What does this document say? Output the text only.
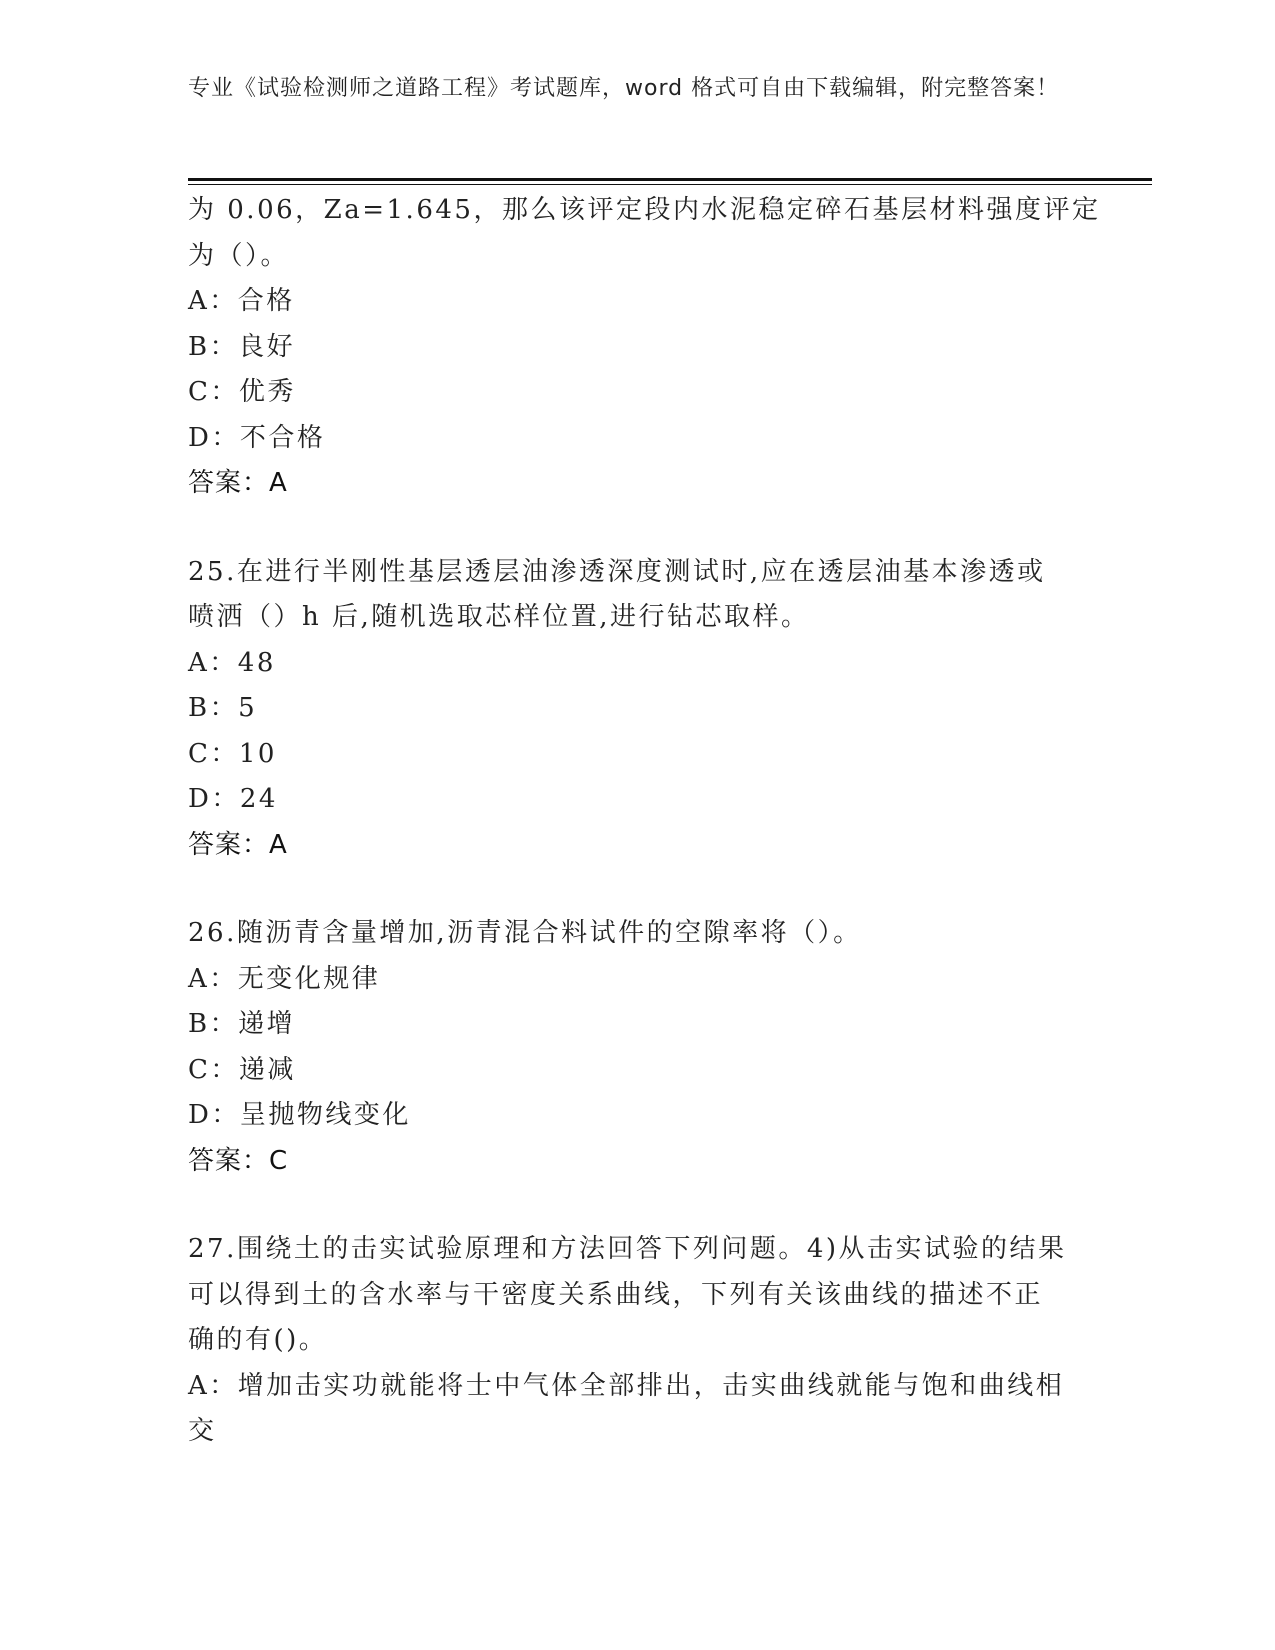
专业《试验检测师之道路工程》考试题库，word 格式可自由下载编辑，附完整答案！
为 0.06，Za=1.645，那么该评定段内水泥稳定碎石基层材料强度评定
为（）。
A：合格
B：良好
C：优秀
D：不合格
答案：A
25.在进行半刚性基层透层油渗透深度测试时,应在透层油基本渗透或
喷洒（）h 后,随机选取芯样位置,进行钻芯取样。
A：48
B：5
C：10
D：24
答案：A
26.随沥青含量增加,沥青混合料试件的空隙率将（）。
A：无变化规律
B：递增
C：递减
D：呈抛物线变化
答案：C
27.围绕土的击实试验原理和方法回答下列问题。4)从击实试验的结果
可以得到土的含水率与干密度关系曲线，下列有关该曲线的描述不正
确的有()。
A：增加击实功就能将士中气体全部排出，击实曲线就能与饱和曲线相
交
